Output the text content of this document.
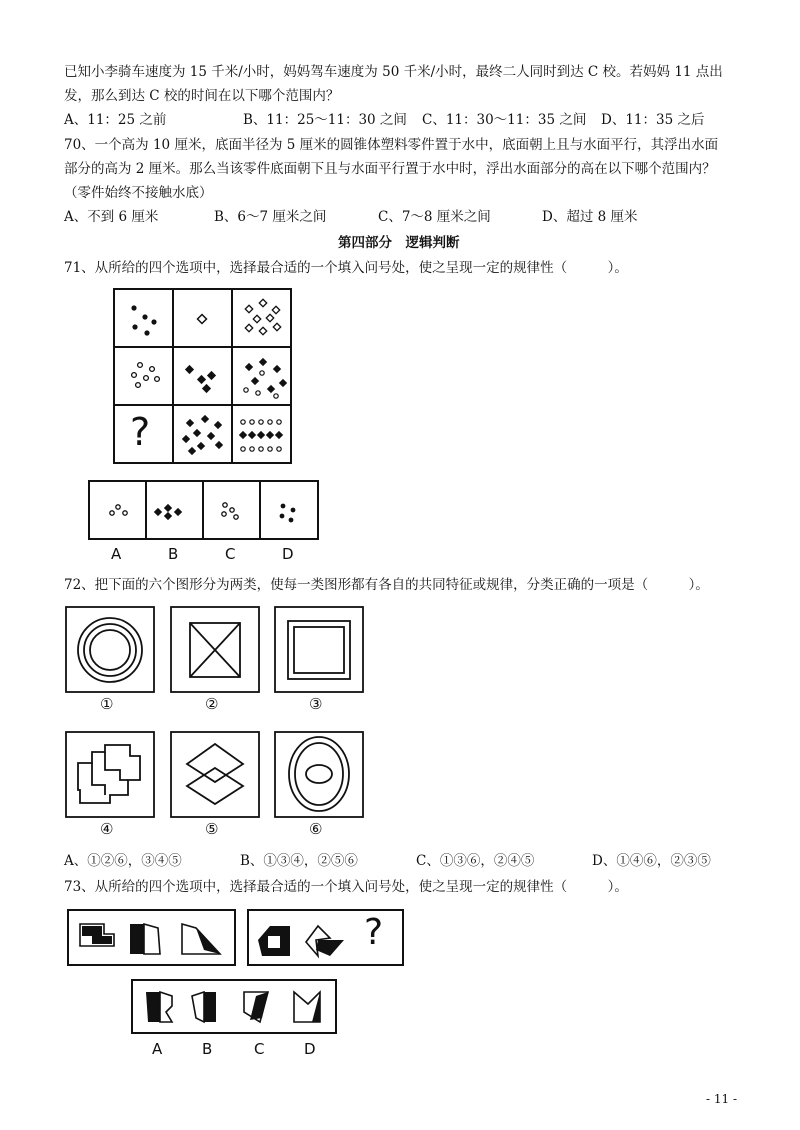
已知小李骑车速度为 15 千米/小时，妈妈驾车速度为 50 千米/小时，最终二人同时到达 C 校。若妈妈 11 点出
发，那么到达 C 校的时间在以下哪个范围内？
A、11：25 之前	B、11：25～11：30 之间 C、11：30～11：35 之间 D、11：35 之后
70、一个高为 10 厘米，底面半径为 5 厘米的圆锥体塑料零件置于水中，底面朝上且与水面平行，其浮出水面
部分的高为 2 厘米。那么当该零件底面朝下且与水面平行置于水中时，浮出水面部分的高在以下哪个范围内？
（零件始终不接触水底）
A、不到 6 厘米	B、6～7 厘米之间	C、7～8 厘米之间	D、超过 8 厘米
第四部分　逻辑判断
71、从所给的四个选项中，选择最合适的一个填入问号处，使之呈现一定的规律性（　　　）。
?
A	B	C	D
72、把下面的六个图形分为两类，使每一类图形都有各自的共同特征或规律，分类正确的一项是（　　　）。
①	②	③
④	⑤	⑥
A、①②⑥，③④⑤	B、①③④，②⑤⑥	C、①③⑥，②④⑤	D、①④⑥，②③⑤
73、从所给的四个选项中，选择最合适的一个填入问号处，使之呈现一定的规律性（　　　）。
?
A	B	C	D
- 11 -
